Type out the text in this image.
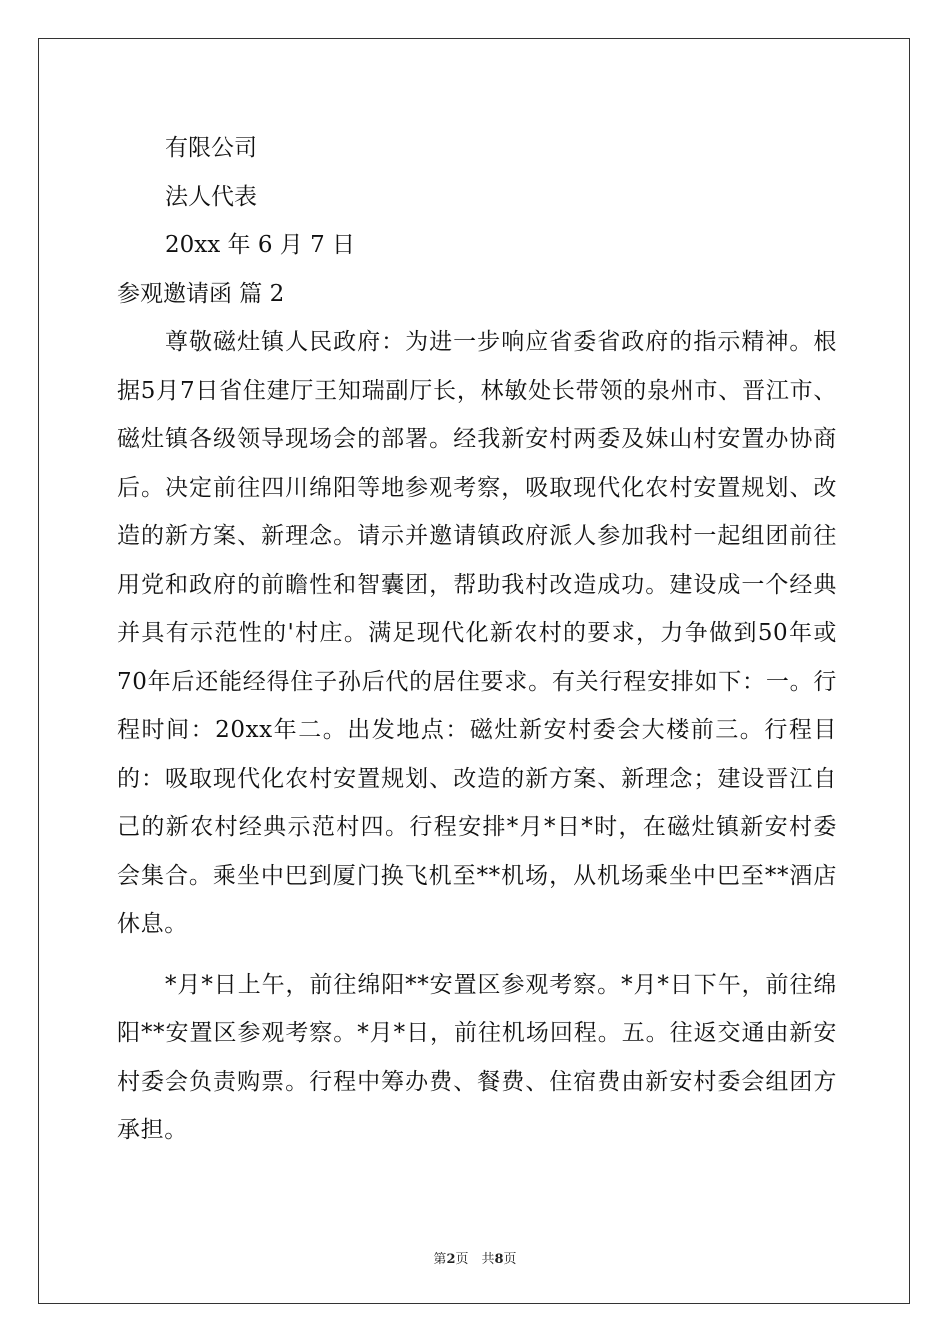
有限公司

法人代表

20xx 年 6 月 7 日

参观邀请函 篇 2

尊敬磁灶镇人民政府：为进一步响应省委省政府的指示精神。根据5月7日省住建厅王知瑞副厅长，林敏处长带领的泉州市、晋江市、磁灶镇各级领导现场会的部署。经我新安村两委及妹山村安置办协商后。决定前往四川绵阳等地参观考察，吸取现代化农村安置规划、改造的新方案、新理念。请示并邀请镇政府派人参加我村一起组团前往用党和政府的前瞻性和智囊团，帮助我村改造成功。建设成一个经典并具有示范性的'村庄。满足现代化新农村的要求，力争做到50年或70年后还能经得住子孙后代的居住要求。有关行程安排如下：一。行程时间：20xx年二。出发地点：磁灶新安村委会大楼前三。行程目的：吸取现代化农村安置规划、改造的新方案、新理念；建设晋江自己的新农村经典示范村四。行程安排*月*日*时，在磁灶镇新安村委会集合。乘坐中巴到厦门换飞机至**机场，从机场乘坐中巴至**酒店休息。

*月*日上午，前往绵阳**安置区参观考察。*月*日下午，前往绵阳**安置区参观考察。*月*日，前往机场回程。五。往返交通由新安村委会负责购票。行程中筹办费、餐费、住宿费由新安村委会组团方承担。

第2页　共8页
